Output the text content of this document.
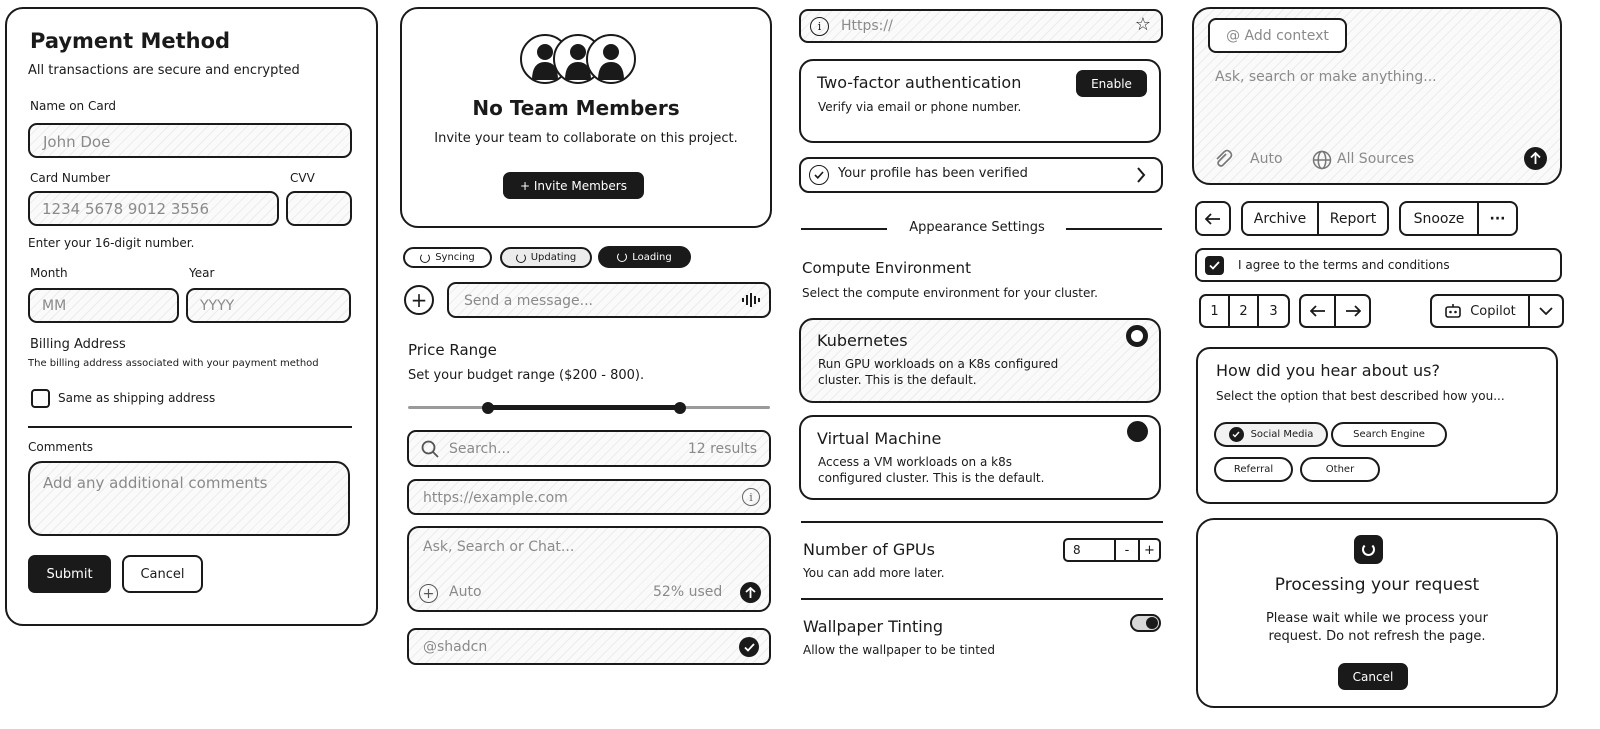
Payment Method
All transactions are secure and encrypted
Name on Card
John Doe
Card Number	CVV
1234 5678 9012 3556
Enter your 16-digit number.
Month	Year
MM	YYYY
Billing Address
The billing address associated with your payment method
Same as shipping address
Comments
Add any additional comments
Submit	Cancel
No Team Members
Invite your team to collaborate on this project.
+ Invite Members
Syncing	Updating	Loading
+	Send a message...
Price Range
Set your budget range ($200 - 800).
Search...	12 results
https://example.com	i
Ask, Search or Chat...
+ Auto	52% used
@shadcn
i	Https://	☆
Two-factor authentication
Verify via email or phone number.
Enable
Your profile has been verified
Appearance Settings
Compute Environment
Select the compute environment for your cluster.
Kubernetes
Run GPU workloads on a K8s configured
cluster. This is the default.
Virtual Machine
Access a VM workloads on a k8s
configured cluster. This is the default.
Number of GPUs
You can add more later.
8	-	+
Wallpaper Tinting
Allow the wallpaper to be tinted
@ Add context
Ask, search or make anything...
Auto	All Sources
Archive	Report	Snooze	···
I agree to the terms and conditions
1	2	3	Copilot
How did you hear about us?
Select the option that best described how you...
Social Media	Search Engine
Referral	Other
Processing your request
Please wait while we process your
request. Do not refresh the page.
Cancel
